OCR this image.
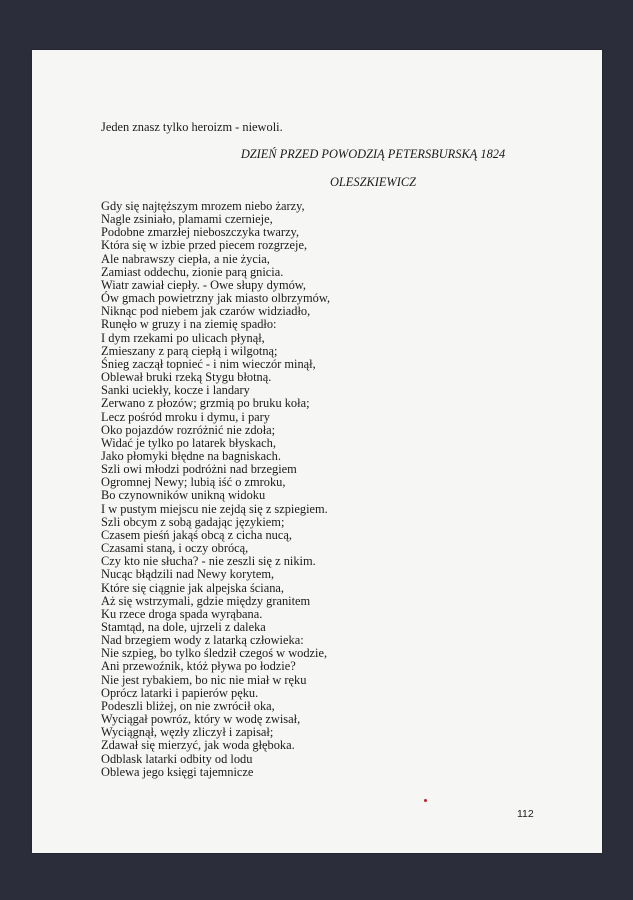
Jeden znasz tylko heroizm - niewoli.

DZIEŃ PRZED POWODZIĄ PETERSBURSKĄ 1824

OLESZKIEWICZ

Gdy się najtęższym mrozem niebo żarzy,
Nagle zsiniało, plamami czernieje,
Podobne zmarzłej nieboszczyka twarzy,
Która się w izbie przed piecem rozgrzeje,
Ale nabrawszy ciepła, a nie życia,
Zamiast oddechu, zionie parą gnicia.
Wiatr zawiał ciepły. - Owe słupy dymów,
Ów gmach powietrzny jak miasto olbrzymów,
Niknąc pod niebem jak czarów widziadło,
Runęło w gruzy i na ziemię spadło:
I dym rzekami po ulicach płynął,
Zmieszany z parą ciepłą i wilgotną;
Śnieg zaczął topnieć - i nim wieczór minął,
Oblewał bruki rzeką Stygu błotną.
Sanki uciekły, kocze i landary
Zerwano z płozów; grzmią po bruku koła;
Lecz pośród mroku i dymu, i pary
Oko pojazdów rozróżnić nie zdoła;
Widać je tylko po latarek błyskach,
Jako płomyki błędne na bagniskach.
Szli owi młodzi podróżni nad brzegiem
Ogromnej Newy; lubią iść o zmroku,
Bo czynowników unikną widoku
I w pustym miejscu nie zejdą się z szpiegiem.
Szli obcym z sobą gadając językiem;
Czasem pieśń jakąś obcą z cicha nucą,
Czasami staną, i oczy obrócą,
Czy kto nie słucha? - nie zeszli się z nikim.
Nucąc błądzili nad Newy korytem,
Które się ciągnie jak alpejska ściana,
Aż się wstrzymali, gdzie między granitem
Ku rzece droga spada wyrąbana.
Stamtąd, na dole, ujrzeli z daleka
Nad brzegiem wody z latarką człowieka:
Nie szpieg, bo tylko śledził czegoś w wodzie,
Ani przewoźnik, któż pływa po łodzie?
Nie jest rybakiem, bo nic nie miał w ręku
Oprócz latarki i papierów pęku.
Podeszli bliżej, on nie zwrócił oka,
Wyciągał powróz, który w wodę zwisał,
Wyciągnął, węzły zliczył i zapisał;
Zdawał się mierzyć, jak woda głęboka.
Odblask latarki odbity od lodu
Oblewa jego księgi tajemnicze
112
